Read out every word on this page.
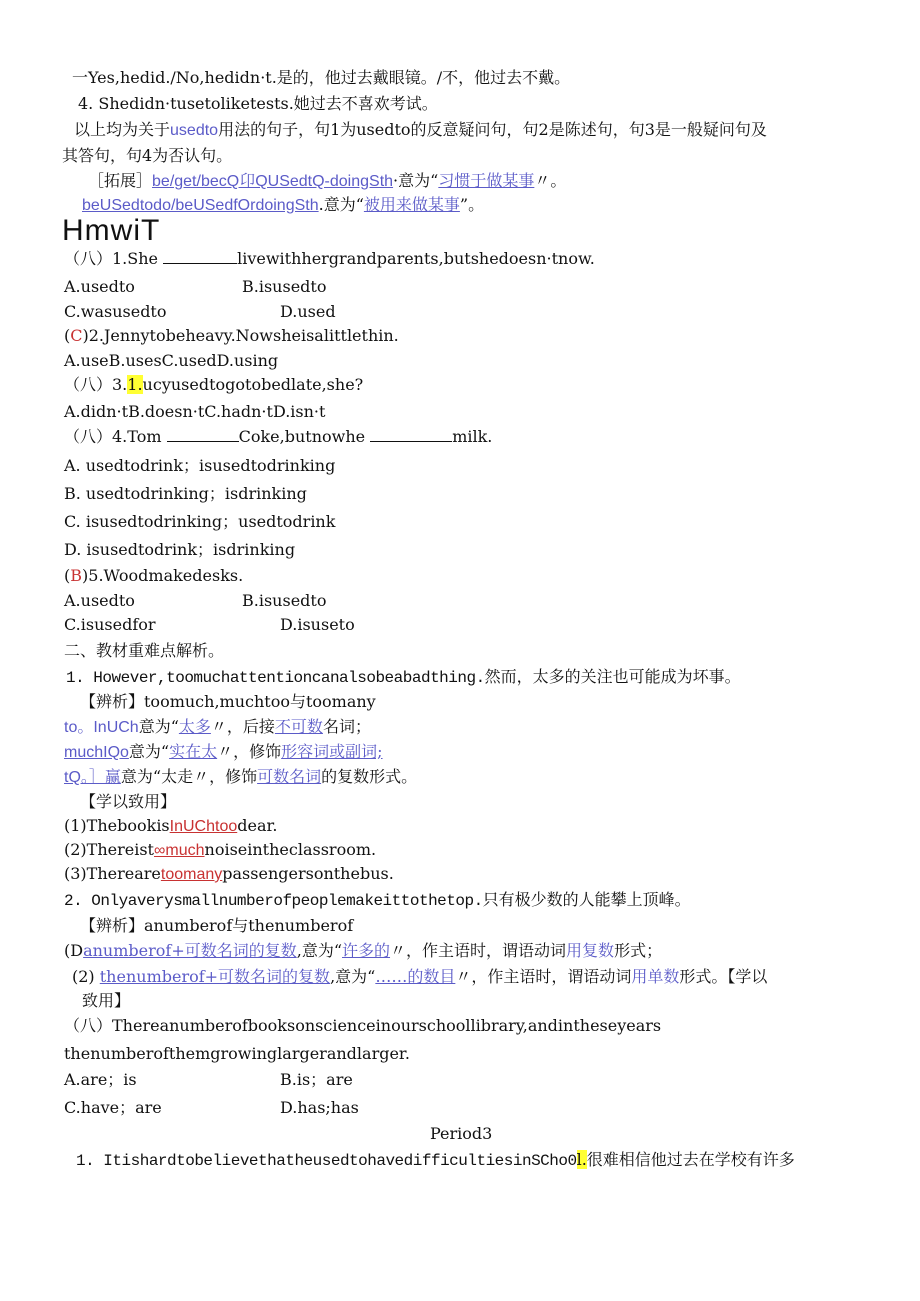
一Yes,hedid./No,hedidn·t.是的，他过去戴眼镜。/不，他过去不戴。
4. Shedidn·tusetoliketests.她过去不喜欢考试。
以上均为关于usedto用法的句子，句1为usedto的反意疑问句，句2是陈述句，句3是一般疑问句及
其答句，句4为否认句。
［拓展］be/get/becQ卬QUSedtQ-doingSth·意为“习惯于做某事〃。
beUSedtodo/beUSedfOrdoingSth.意为“被用来做某事”。
HmwiT
（八）1.She	livewithhergrandparents,butshedoesn·tnow.
A.usedto	B.isusedto
C.wasusedto	D.used
(C)2.Jennytobeheavy.Nowsheisalittlethin.
A.useB.usesC.usedD.using
（八）3.1.ucyusedtogotobedlate,she?
A.didn·tB.doesn·tC.hadn·tD.isn·t
（八）4.Tom	Coke,butnowhe	milk.
A. usedtodrink；isusedtodrinking
B. usedtodrinking；isdrinking
C. isusedtodrinking；usedtodrink
D. isusedtodrink；isdrinking
(B)5.Woodmakedesks.
A.usedto	B.isusedto
C.isusedfor	D.isuseto
二、教材重难点解析。
1. However,toomuchattentioncanalsobeabadthing.然而，太多的关注也可能成为坏事。
【辨析】toomuch,muchtoo与toomany
to。InUCh意为“太多〃，后接不可数名词；
muchIQo意为“实在太〃，修饰形容词或副词;
tQ。］赢意为“太走〃，修饰可数名词的复数形式。
【学以致用】
(1)ThebookisInUChtoodear.
(2)Thereist∞muchnoiseintheclassroom.
(3)Therearetoomanypassengersonthebus.
2. Onlyaverysmallnumberofpeoplemakeittothetop.只有极少数的人能攀上顶峰。
【辨析】anumberof与thenumberof
(Danumberof+可数名词的复数,意为“许多的〃，作主语时，谓语动词用复数形式；
(2) thenumberof+可数名词的复数,意为“……的数目〃，作主语时，谓语动词用单数形式。【学以
致用】
（八）Thereanumberofbooksonscienceinourschoollibrary,andintheseyears
thenumberofthemgrowinglargerandlarger.
A.are；is	B.is；are
C.have；are	D.has;has
Period3
1. ItishardtobelievethatheusedtohavedifficultiesinSCho0l.很难相信他过去在学校有许多
